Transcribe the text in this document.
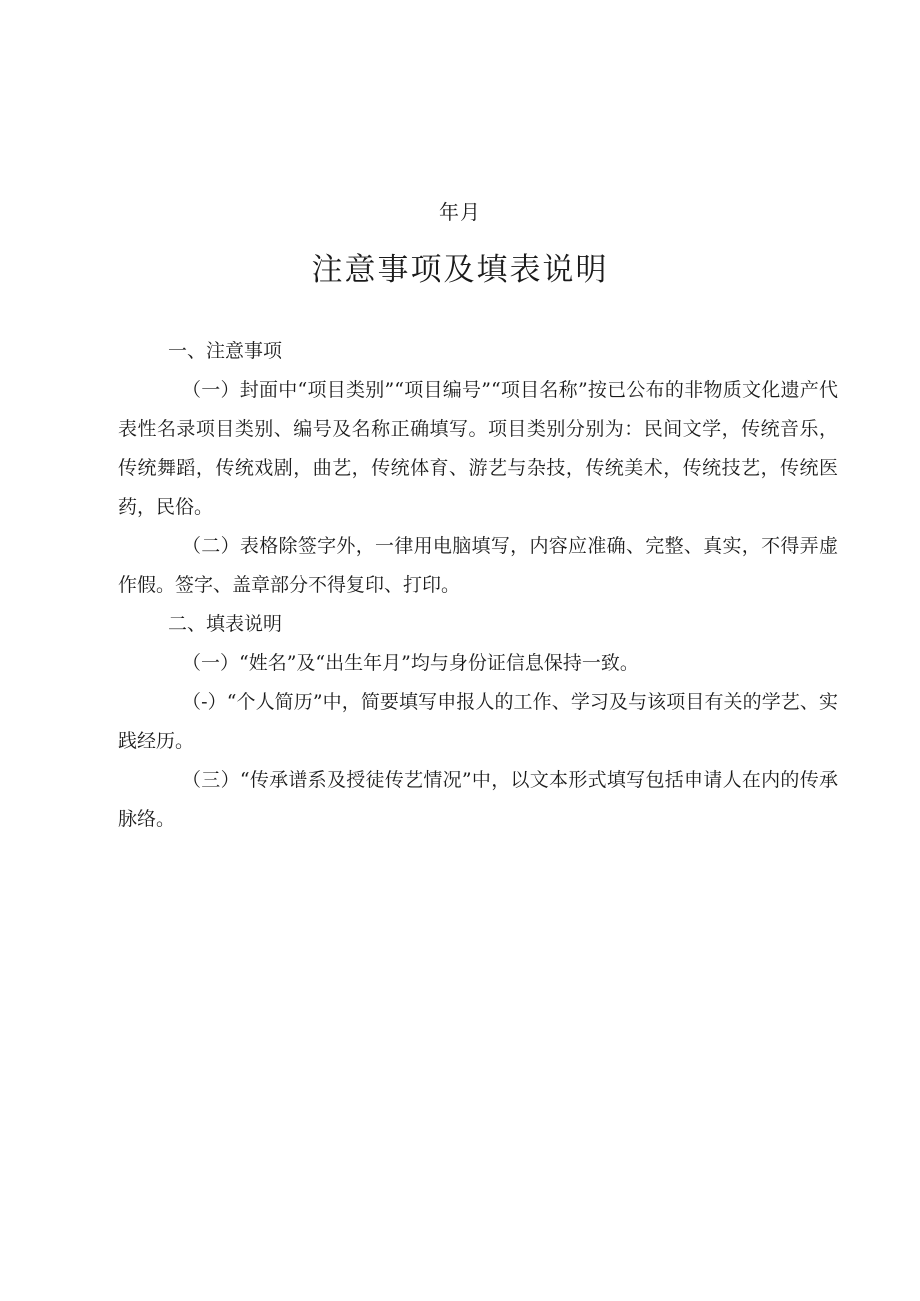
年月
注意事项及填表说明

一、注意事项

（一）封面中“项目类别”“项目编号”“项目名称”按已公布的非物质文化遗产代表性名录项目类别、编号及名称正确填写。项目类别分别为：民间文学，传统音乐，传统舞蹈，传统戏剧，曲艺，传统体育、游艺与杂技，传统美术，传统技艺，传统医药，民俗。

（二）表格除签字外，一律用电脑填写，内容应准确、完整、真实，不得弄虚作假。签字、盖章部分不得复印、打印。

二、填表说明

（一）“姓名”及“出生年月”均与身份证信息保持一致。

（-）“个人简历”中，简要填写申报人的工作、学习及与该项目有关的学艺、实践经历。

（三）“传承谱系及授徒传艺情况”中，以文本形式填写包括申请人在内的传承脉络。
